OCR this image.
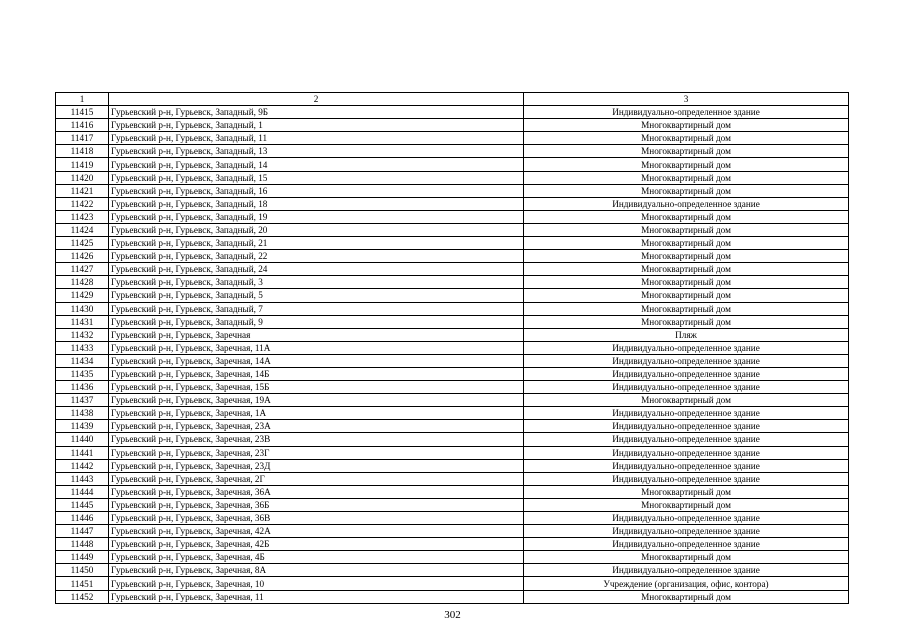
1	2	3
11415	Гурьевский р-н, Гурьевск, Западный, 9Б	Индивидуально-определенное здание
11416	Гурьевский р-н, Гурьевск, Западный, 1	Многоквартирный дом
11417	Гурьевский р-н, Гурьевск, Западный, 11	Многоквартирный дом
11418	Гурьевский р-н, Гурьевск, Западный, 13	Многоквартирный дом
11419	Гурьевский р-н, Гурьевск, Западный, 14	Многоквартирный дом
11420	Гурьевский р-н, Гурьевск, Западный, 15	Многоквартирный дом
11421	Гурьевский р-н, Гурьевск, Западный, 16	Многоквартирный дом
11422	Гурьевский р-н, Гурьевск, Западный, 18	Индивидуально-определенное здание
11423	Гурьевский р-н, Гурьевск, Западный, 19	Многоквартирный дом
11424	Гурьевский р-н, Гурьевск, Западный, 20	Многоквартирный дом
11425	Гурьевский р-н, Гурьевск, Западный, 21	Многоквартирный дом
11426	Гурьевский р-н, Гурьевск, Западный, 22	Многоквартирный дом
11427	Гурьевский р-н, Гурьевск, Западный, 24	Многоквартирный дом
11428	Гурьевский р-н, Гурьевск, Западный, 3	Многоквартирный дом
11429	Гурьевский р-н, Гурьевск, Западный, 5	Многоквартирный дом
11430	Гурьевский р-н, Гурьевск, Западный, 7	Многоквартирный дом
11431	Гурьевский р-н, Гурьевск, Западный, 9	Многоквартирный дом
11432	Гурьевский р-н, Гурьевск, Заречная	Пляж
11433	Гурьевский р-н, Гурьевск, Заречная, 11А	Индивидуально-определенное здание
11434	Гурьевский р-н, Гурьевск, Заречная, 14А	Индивидуально-определенное здание
11435	Гурьевский р-н, Гурьевск, Заречная, 14Б	Индивидуально-определенное здание
11436	Гурьевский р-н, Гурьевск, Заречная, 15Б	Индивидуально-определенное здание
11437	Гурьевский р-н, Гурьевск, Заречная, 19А	Многоквартирный дом
11438	Гурьевский р-н, Гурьевск, Заречная, 1А	Индивидуально-определенное здание
11439	Гурьевский р-н, Гурьевск, Заречная, 23А	Индивидуально-определенное здание
11440	Гурьевский р-н, Гурьевск, Заречная, 23В	Индивидуально-определенное здание
11441	Гурьевский р-н, Гурьевск, Заречная, 23Г	Индивидуально-определенное здание
11442	Гурьевский р-н, Гурьевск, Заречная, 23Д	Индивидуально-определенное здание
11443	Гурьевский р-н, Гурьевск, Заречная, 2Г	Индивидуально-определенное здание
11444	Гурьевский р-н, Гурьевск, Заречная, 36А	Многоквартирный дом
11445	Гурьевский р-н, Гурьевск, Заречная, 36Б	Многоквартирный дом
11446	Гурьевский р-н, Гурьевск, Заречная, 36В	Индивидуально-определенное здание
11447	Гурьевский р-н, Гурьевск, Заречная, 42А	Индивидуально-определенное здание
11448	Гурьевский р-н, Гурьевск, Заречная, 42Б	Индивидуально-определенное здание
11449	Гурьевский р-н, Гурьевск, Заречная, 4Б	Многоквартирный дом
11450	Гурьевский р-н, Гурьевск, Заречная, 8А	Индивидуально-определенное здание
11451	Гурьевский р-н, Гурьевск, Заречная, 10	Учреждение (организация, офис, контора)
11452	Гурьевский р-н, Гурьевск, Заречная, 11	Многоквартирный дом
302
